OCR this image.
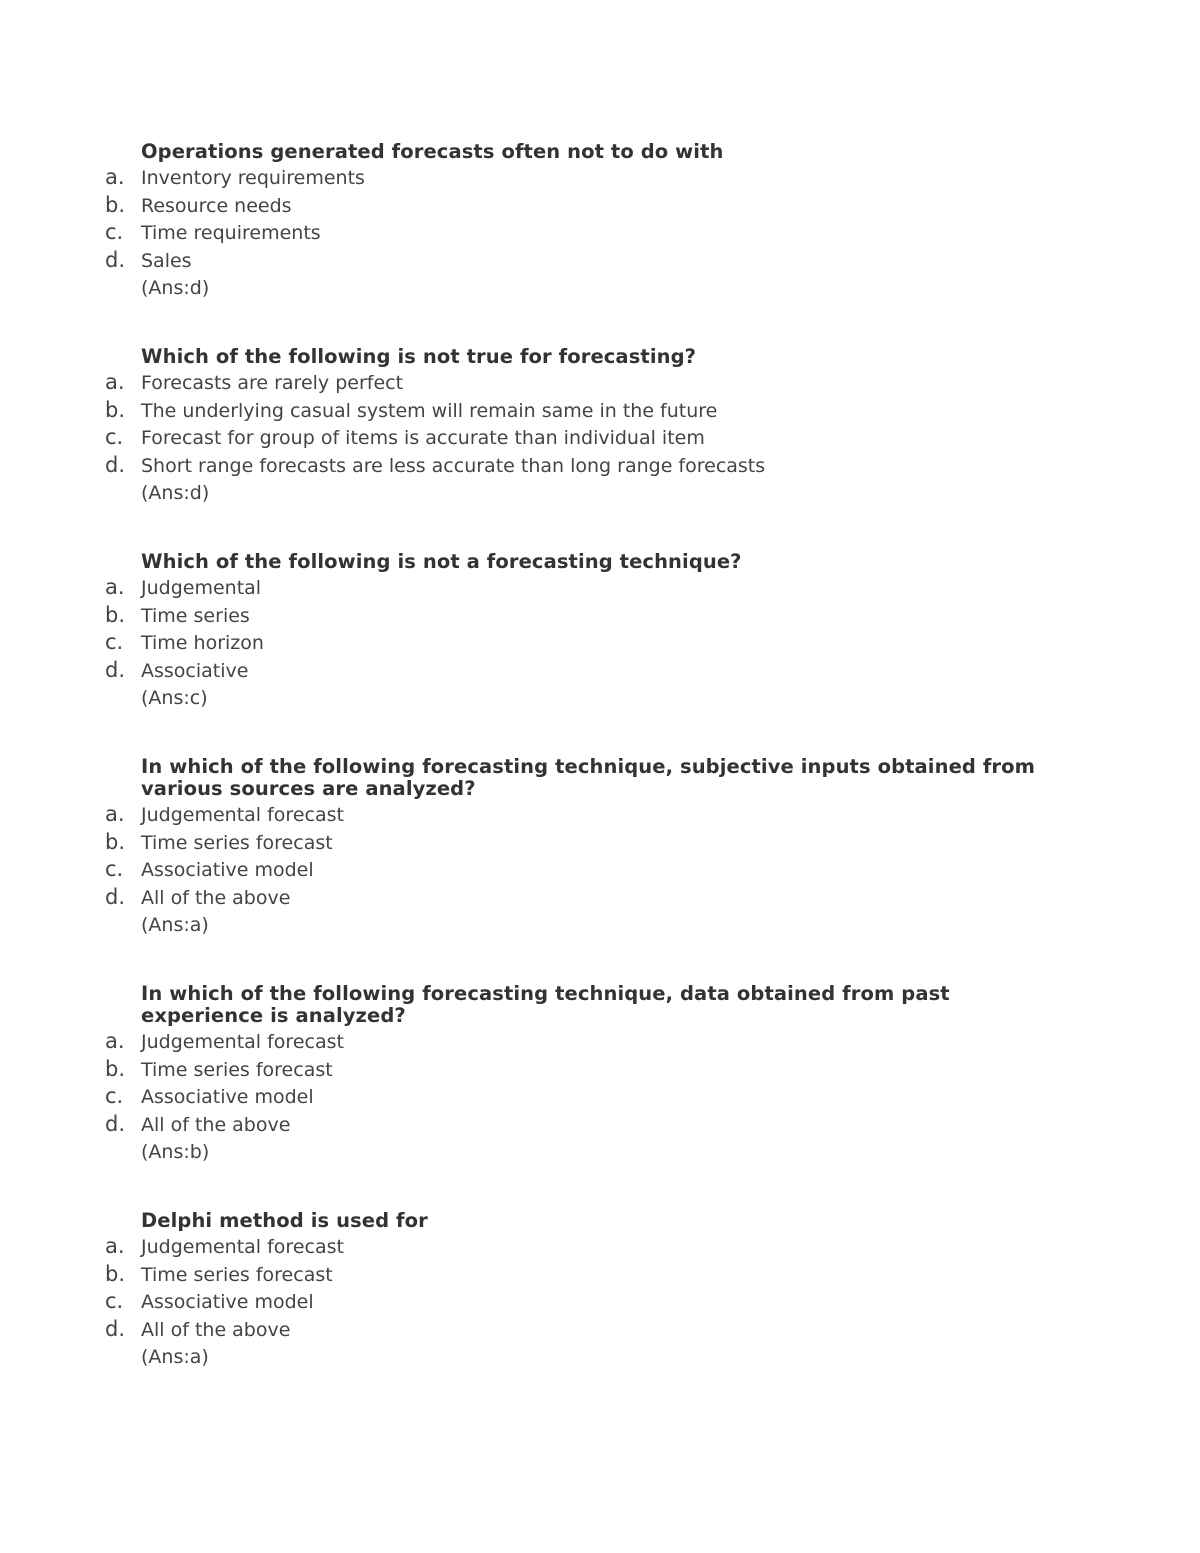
Operations generated forecasts often not to do with
a. Inventory requirements
b. Resource needs
c. Time requirements
d. Sales
(Ans:d)
Which of the following is not true for forecasting?
a. Forecasts are rarely perfect
b. The underlying casual system will remain same in the future
c. Forecast for group of items is accurate than individual item
d. Short range forecasts are less accurate than long range forecasts
(Ans:d)
Which of the following is not a forecasting technique?
a. Judgemental
b. Time series
c. Time horizon
d. Associative
(Ans:c)
In which of the following forecasting technique, subjective inputs obtained from various sources are analyzed?
a. Judgemental forecast
b. Time series forecast
c. Associative model
d. All of the above
(Ans:a)
In which of the following forecasting technique, data obtained from past experience is analyzed?
a. Judgemental forecast
b. Time series forecast
c. Associative model
d. All of the above
(Ans:b)
Delphi method is used for
a. Judgemental forecast
b. Time series forecast
c. Associative model
d. All of the above
(Ans:a)
